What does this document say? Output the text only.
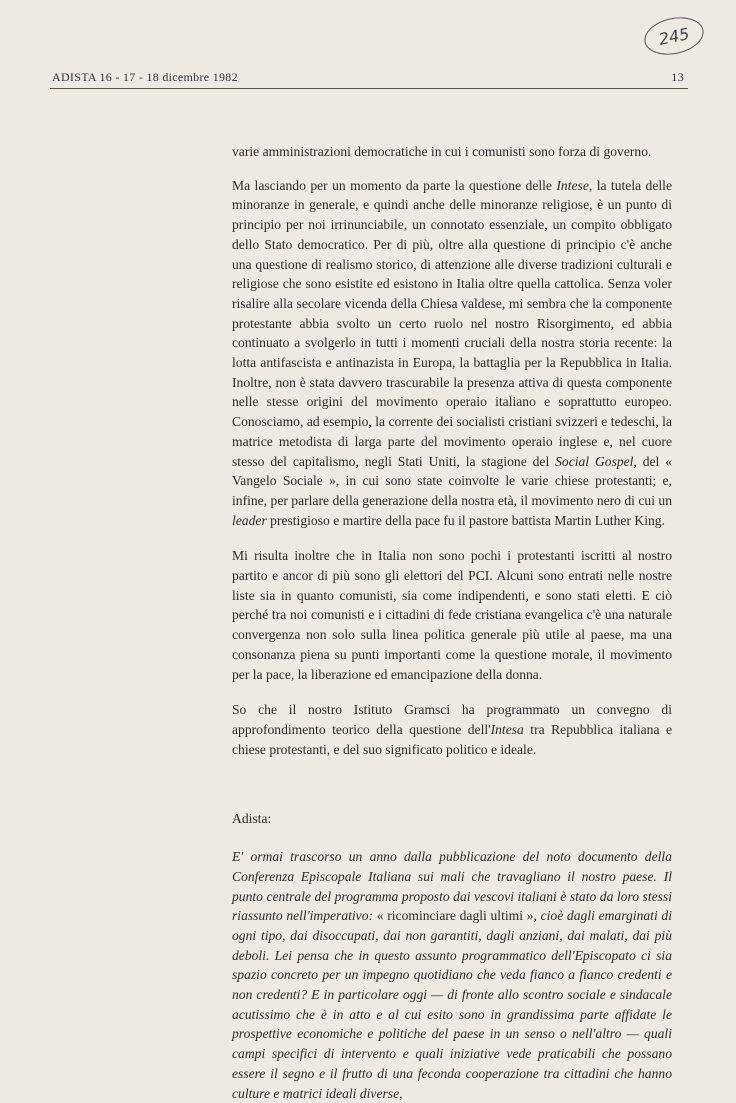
245
ADISTA 16 - 17 - 18 dicembre 1982	13

varie amministrazioni democratiche in cui i comunisti sono forza di governo.

Ma lasciando per un momento da parte la questione delle Intese, la tutela delle minoranze in generale, e quindi anche delle minoranze religiose, è un punto di principio per noi irrinunciabile, un connotato essenziale, un compito obbligato dello Stato democratico. Per di più, oltre alla questione di principio c'è anche una questione di realismo storico, di attenzione alle diverse tradizioni culturali e religiose che sono esistite ed esistono in Italia oltre quella cattolica. Senza voler risalire alla secolare vicenda della Chiesa valdese, mi sembra che la componente protestante abbia svolto un certo ruolo nel nostro Risorgimento, ed abbia continuato a svolgerlo in tutti i momenti cruciali della nostra storia recente: la lotta antifascista e antinazista in Europa, la battaglia per la Repubblica in Italia. Inoltre, non è stata davvero trascurabile la presenza attiva di questa componente nelle stesse origini del movimento operaio italiano e soprattutto europeo. Conosciamo, ad esempio, la corrente dei socialisti cristiani svizzeri e tedeschi, la matrice metodista di larga parte del movimento operaio inglese e, nel cuore stesso del capitalismo, negli Stati Uniti, la stagione del Social Gospel, del « Vangelo Sociale », in cui sono state coinvolte le varie chiese protestanti; e, infine, per parlare della generazione della nostra età, il movimento nero di cui un leader prestigioso e martire della pace fu il pastore battista Martin Luther King.

Mi risulta inoltre che in Italia non sono pochi i protestanti iscritti al nostro partito e ancor di più sono gli elettori del PCI. Alcuni sono entrati nelle nostre liste sia in quanto comunisti, sia come indipendenti, e sono stati eletti. E ciò perché tra noi comunisti e i cittadini di fede cristiana evangelica c'è una naturale convergenza non solo sulla linea politica generale più utile al paese, ma una consonanza piena su punti importanti come la questione morale, il movimento per la pace, la liberazione ed emancipazione della donna.

So che il nostro Istituto Gramsci ha programmato un convegno di approfondimento teorico della questione dell'Intesa tra Repubblica italiana e chiese protestanti, e del suo significato politico e ideale.

Adista:

E' ormai trascorso un anno dalla pubblicazione del noto documento della Conferenza Episcopale Italiana sui mali che travagliano il nostro paese. Il punto centrale del programma proposto dai vescovi italiani è stato da loro stessi riassunto nell'imperativo: « ricominciare dagli ultimi », cioè dagli emarginati di ogni tipo, dai disoccupati, dai non garantiti, dagli anziani, dai malati, dai più deboli. Lei pensa che in questo assunto programmatico dell'Episcopato ci sia spazio concreto per un impegno quotidiano che veda fianco a fianco credenti e non credenti? E in particolare oggi — di fronte allo scontro sociale e sindacale acutissimo che è in atto e al cui esito sono in grandissima parte affidate le prospettive economiche e politiche del paese in un senso o nell'altro — quali campi specifici di intervento e quali iniziative vede praticabili che possano essere il segno e il frutto di una feconda cooperazione tra cittadini che hanno culture e matrici ideali diverse,
